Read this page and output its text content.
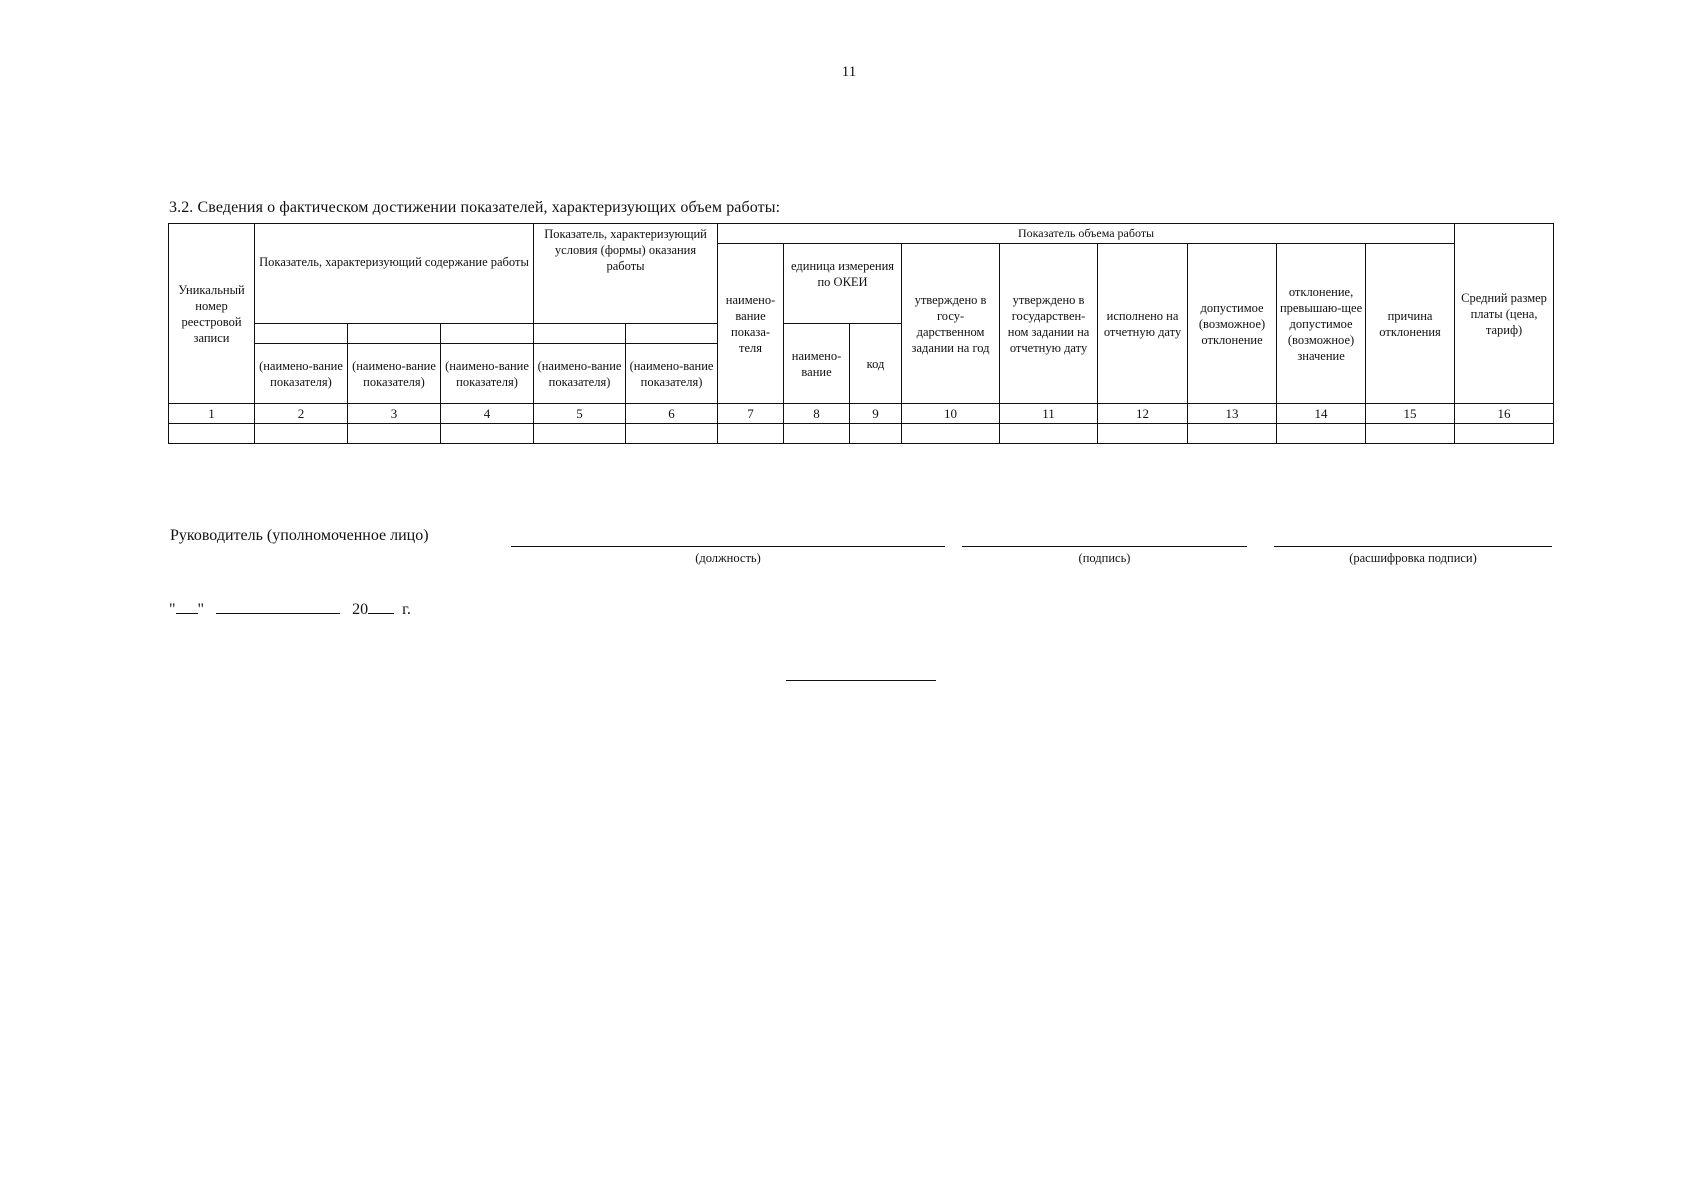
11
3.2. Сведения о фактическом достижении показателей, характеризующих объем работы:
Уникальный номер реестровой записи	Показатель, характеризующий содержание работы			Показатель, характеризующий условия (формы) оказания работы		Показатель объема работы									Средний размер платы (цена, тариф)
						наимено-вание показа-теля	единица измерения по ОКЕИ		утверждено в госу-дарственном задании на год	утверждено в государствен-ном задании на отчетную дату	исполнено на отчетную дату	допустимое (возможное) отклонение	отклонение, превышаю-щее допустимое (возможное) значение	причина отклонения	
							наимено-вание	код							
	(наимено-вание показателя)	(наимено-вание показателя)	(наимено-вание показателя)	(наимено-вание показателя)	(наимено-вание показателя)										
1	2	3	4	5	6	7	8	9	10	11	12	13	14	15	16

Руководитель (уполномоченное лицо)
(должность)	(подпись)	(расшифровка подписи)
" "	20 г.
